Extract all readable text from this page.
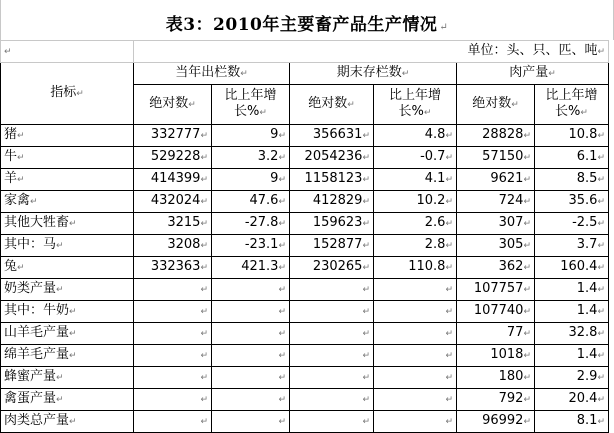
表3：2010年主要畜产品生产情况 ↵
↵	单位：头、只、匹、吨↵					
指标↵	当年出栏数↵		期末存栏数↵		肉产量↵	
	绝对数↵	比上年增长%↵	绝对数↵	比上年增长%↵	绝对数↵	比上年增长%↵
猪↵	332777↵	9↵	356631↵	4.8↵	28828↵	10.8↵
牛↵	529228↵	3.2↵	2054236↵	-0.7↵	57150↵	6.1↵
羊↵	414399↵	9↵	1158123↵	4.1↵	9621↵	8.5↵
家禽↵	432024↵	47.6↵	412829↵	10.2↵	724↵	35.6↵
其他大牲畜↵	3215↵	-27.8↵	159623↵	2.6↵	307↵	-2.5↵
其中：马↵	3208↵	-23.1↵	152877↵	2.8↵	305↵	3.7↵
兔↵	332363↵	421.3↵	230265↵	110.8↵	362↵	160.4↵
奶类产量↵	↵	↵	↵	↵	107757↵	1.4↵
其中：牛奶↵	↵	↵	↵	↵	107740↵	1.4↵
山羊毛产量↵	↵	↵	↵	↵	77↵	32.8↵
绵羊毛产量↵	↵	↵	↵	↵	1018↵	1.4↵
蜂蜜产量↵	↵	↵	↵	↵	180↵	2.9↵
禽蛋产量↵	↵	↵	↵	↵	792↵	20.4↵
肉类总产量↵	↵	↵	↵	↵	96992↵	8.1↵
